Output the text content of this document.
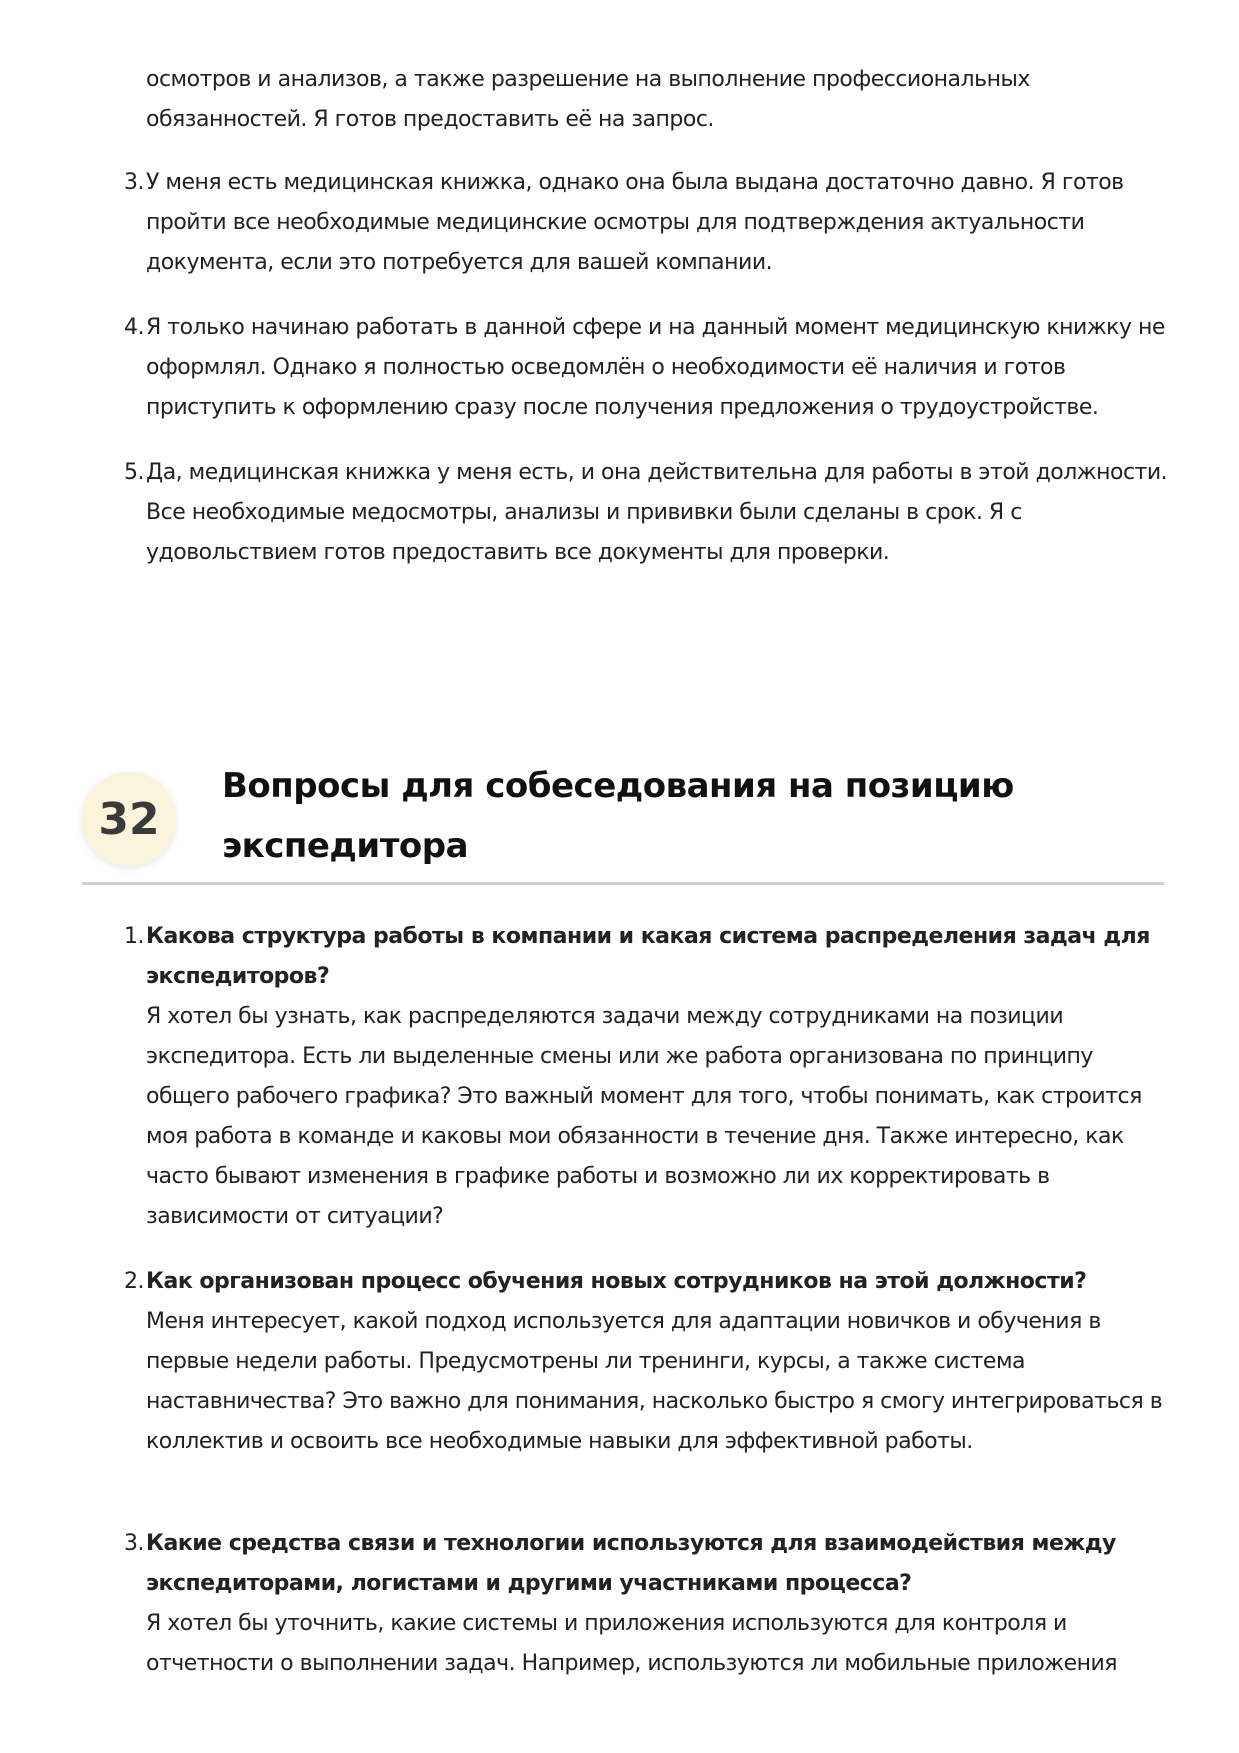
осмотров и анализов, а также разрешение на выполнение профессиональных обязанностей. Я готов предоставить её на запрос.

3. У меня есть медицинская книжка, однако она была выдана достаточно давно. Я готов пройти все необходимые медицинские осмотры для подтверждения актуальности документа, если это потребуется для вашей компании.
4. Я только начинаю работать в данной сфере и на данный момент медицинскую книжку не оформлял. Однако я полностью осведомлён о необходимости её наличия и готов приступить к оформлению сразу после получения предложения о трудоустройстве.
5. Да, медицинская книжка у меня есть, и она действительна для работы в этой должности. Все необходимые медосмотры, анализы и прививки были сделаны в срок. Я с удовольствием готов предоставить все документы для проверки.
32
Вопросы для собеседования на позицию экспедитора
1. Какова структура работы в компании и какая система распределения задач для экспедиторов?
Я хотел бы узнать, как распределяются задачи между сотрудниками на позиции экспедитора. Есть ли выделенные смены или же работа организована по принципу общего рабочего графика? Это важный момент для того, чтобы понимать, как строится моя работа в команде и каковы мои обязанности в течение дня. Также интересно, как часто бывают изменения в графике работы и возможно ли их корректировать в зависимости от ситуации?
2. Как организован процесс обучения новых сотрудников на этой должности?
Меня интересует, какой подход используется для адаптации новичков и обучения в первые недели работы. Предусмотрены ли тренинги, курсы, а также система наставничества? Это важно для понимания, насколько быстро я смогу интегрироваться в коллектив и освоить все необходимые навыки для эффективной работы.
3. Какие средства связи и технологии используются для взаимодействия между экспедиторами, логистами и другими участниками процесса?
Я хотел бы уточнить, какие системы и приложения используются для контроля и отчетности о выполнении задач. Например, используются ли мобильные приложения
